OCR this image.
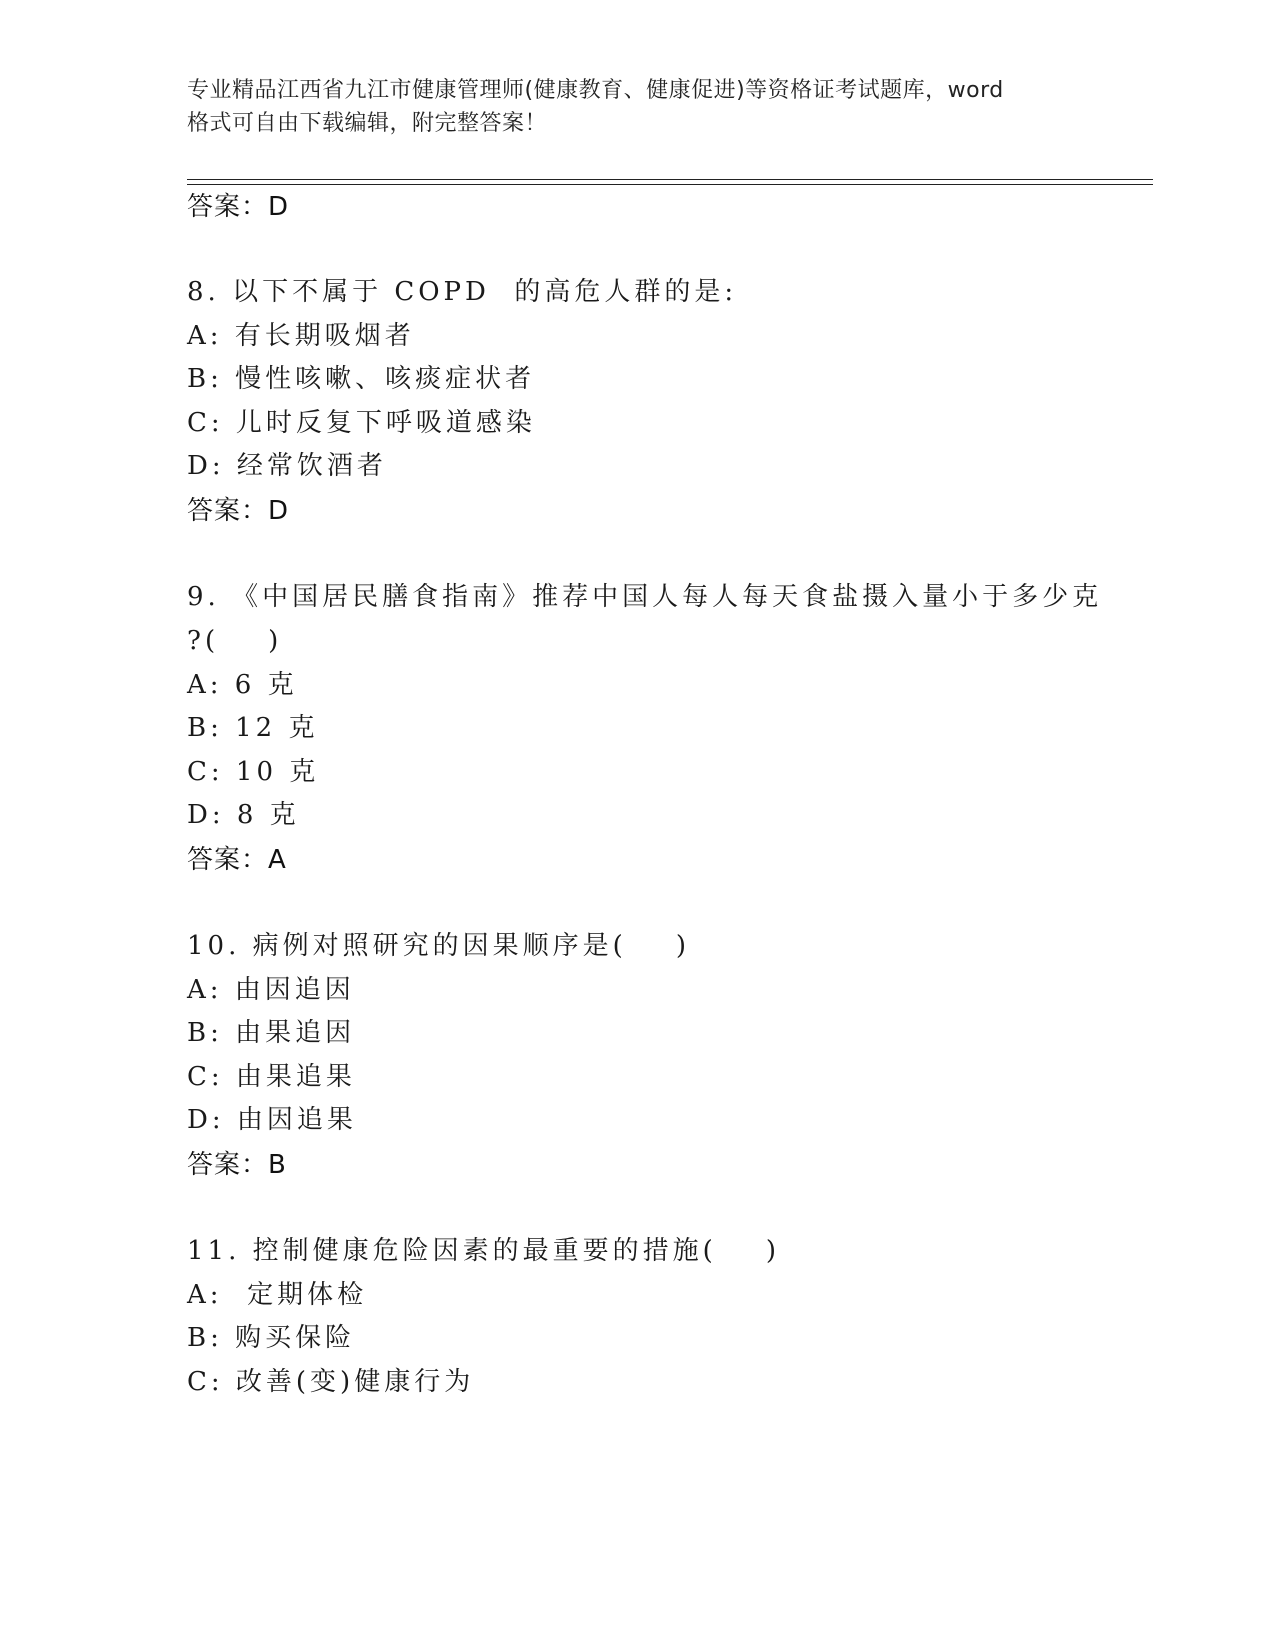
专业精品江西省九江市健康管理师(健康教育、健康促进)等资格证考试题库，word
格式可自由下载编辑，附完整答案！
答案：D
8. 以下不属于 COPD  的高危人群的是:
A: 有长期吸烟者
B: 慢性咳嗽、咳痰症状者
C: 儿时反复下呼吸道感染
D: 经常饮酒者
答案：D
9. 《中国居民膳食指南》推荐中国人每人每天食盐摄入量小于多少克
?(    )
A: 6 克
B: 12 克
C: 10 克
D: 8 克
答案：A
10. 病例对照研究的因果顺序是(    )
A: 由因追因
B: 由果追因
C: 由果追果
D: 由因追果
答案：B
11. 控制健康危险因素的最重要的措施(    )
A:  定期体检
B: 购买保险
C: 改善(变)健康行为
